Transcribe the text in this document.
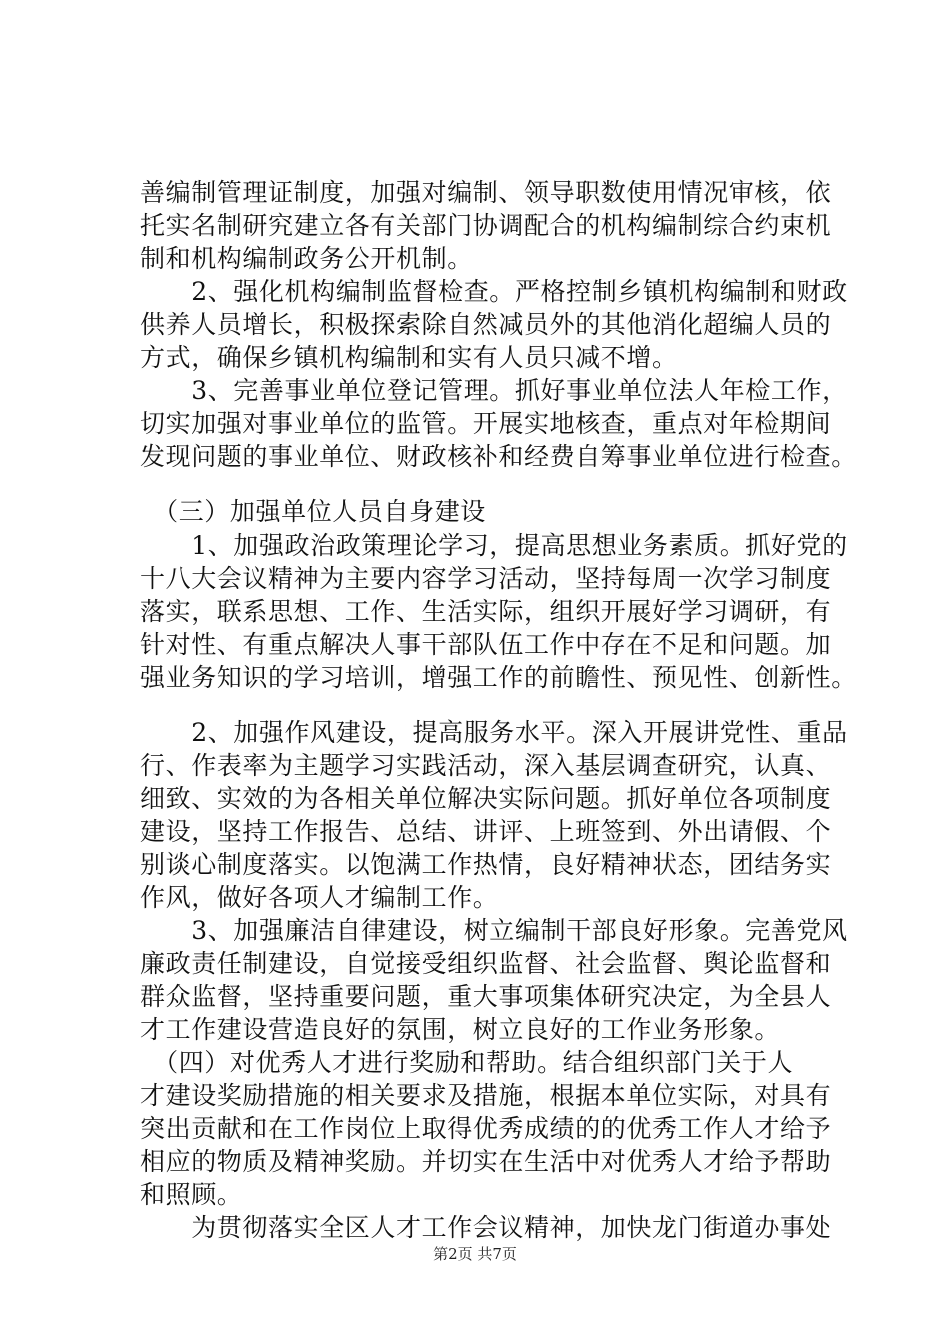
善编制管理证制度，加强对编制、领导职数使用情况审核，依
托实名制研究建立各有关部门协调配合的机构编制综合约束机
制和机构编制政务公开机制。
　　2、强化机构编制监督检查。严格控制乡镇机构编制和财政
供养人员增长，积极探索除自然减员外的其他消化超编人员的
方式，确保乡镇机构编制和实有人员只减不增。
　　3、完善事业单位登记管理。抓好事业单位法人年检工作，
切实加强对事业单位的监管。开展实地核查，重点对年检期间
发现问题的事业单位、财政核补和经费自筹事业单位进行检查。
　（三）加强单位人员自身建设
　　1、加强政治政策理论学习，提高思想业务素质。抓好党的
十八大会议精神为主要内容学习活动，坚持每周一次学习制度
落实，联系思想、工作、生活实际，组织开展好学习调研，有
针对性、有重点解决人事干部队伍工作中存在不足和问题。加
强业务知识的学习培训，增强工作的前瞻性、预见性、创新性。
　　2、加强作风建设，提高服务水平。深入开展讲党性、重品
行、作表率为主题学习实践活动，深入基层调查研究，认真、
细致、实效的为各相关单位解决实际问题。抓好单位各项制度
建设，坚持工作报告、总结、讲评、上班签到、外出请假、个
别谈心制度落实。以饱满工作热情，良好精神状态，团结务实
作风，做好各项人才编制工作。
　　3、加强廉洁自律建设，树立编制干部良好形象。完善党风
廉政责任制建设，自觉接受组织监督、社会监督、舆论监督和
群众监督，坚持重要问题，重大事项集体研究决定，为全县人
才工作建设营造良好的氛围，树立良好的工作业务形象。
　（四）对优秀人才进行奖励和帮助。结合组织部门关于人
才建设奖励措施的相关要求及措施，根据本单位实际，对具有
突出贡献和在工作岗位上取得优秀成绩的的优秀工作人才给予
相应的物质及精神奖励。并切实在生活中对优秀人才给予帮助
和照顾。
　　为贯彻落实全区人才工作会议精神，加快龙门街道办事处
第2页 共7页
